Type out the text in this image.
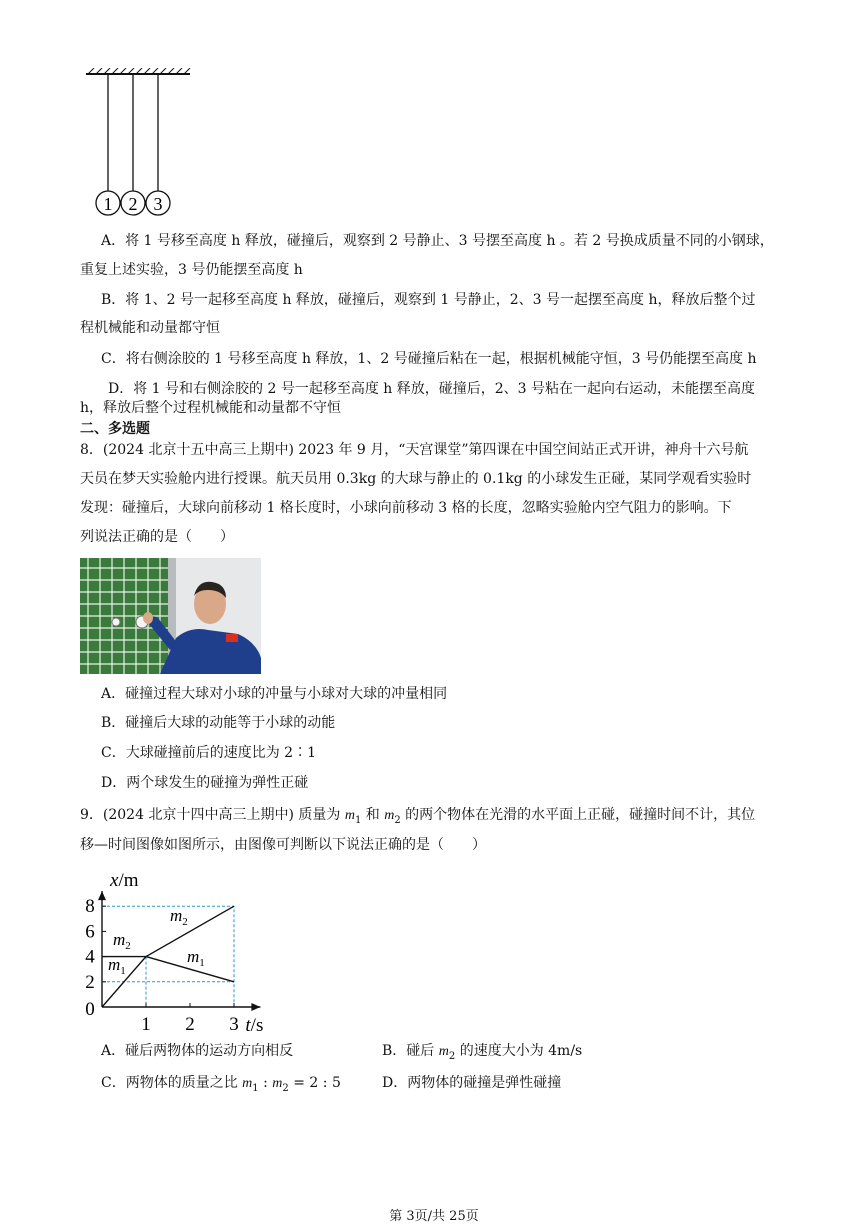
1 2 3
A．将 1 号移至高度 h 释放，碰撞后，观察到 2 号静止、3 号摆至高度 h 。若 2 号换成质量不同的小钢球，
重复上述实验，3 号仍能摆至高度 h
B．将 1、2 号一起移至高度 h 释放，碰撞后，观察到 1 号静止，2、3 号一起摆至高度 h，释放后整个过
程机械能和动量都守恒
C．将右侧涂胶的 1 号移至高度 h 释放，1、2 号碰撞后粘在一起，根据机械能守恒，3 号仍能摆至高度 h
D．将 1 号和右侧涂胶的 2 号一起移至高度 h 释放，碰撞后，2、3 号粘在一起向右运动，未能摆至高度
h，释放后整个过程机械能和动量都不守恒
二、多选题
8．(2024 北京十五中高三上期中) 2023 年 9 月，“天宫课堂”第四课在中国空间站正式开讲，神舟十六号航
天员在梦天实验舱内进行授课。航天员用 0.3kg 的大球与静止的 0.1kg 的小球发生正碰，某同学观看实验时
发现：碰撞后，大球向前移动 1 格长度时，小球向前移动 3 格的长度，忽略实验舱内空气阻力的影响。下
列说法正确的是（　　）
A．碰撞过程大球对小球的冲量与小球对大球的冲量相同
B．碰撞后大球的动能等于小球的动能
C．大球碰撞前后的速度比为 2∶1
D．两个球发生的碰撞为弹性正碰
9．(2024 北京十四中高三上期中) 质量为 $m_1$ 和 $m_2$ 的两个物体在光滑的水平面上正碰，碰撞时间不计，其位
移—时间图像如图所示，由图像可判断以下说法正确的是（　　）
$m_2$
$m_2$
$m_1$
$m_1$
1 2 3
2
4
6
8
0
x/m
t/s
A．碰后两物体的运动方向相反	B．碰后 $m_2$ 的速度大小为 4m/s
C．两物体的质量之比 $m_1$ : $m_2 = 2$ : 5	D．两物体的碰撞是弹性碰撞
第 3页/共 25页
